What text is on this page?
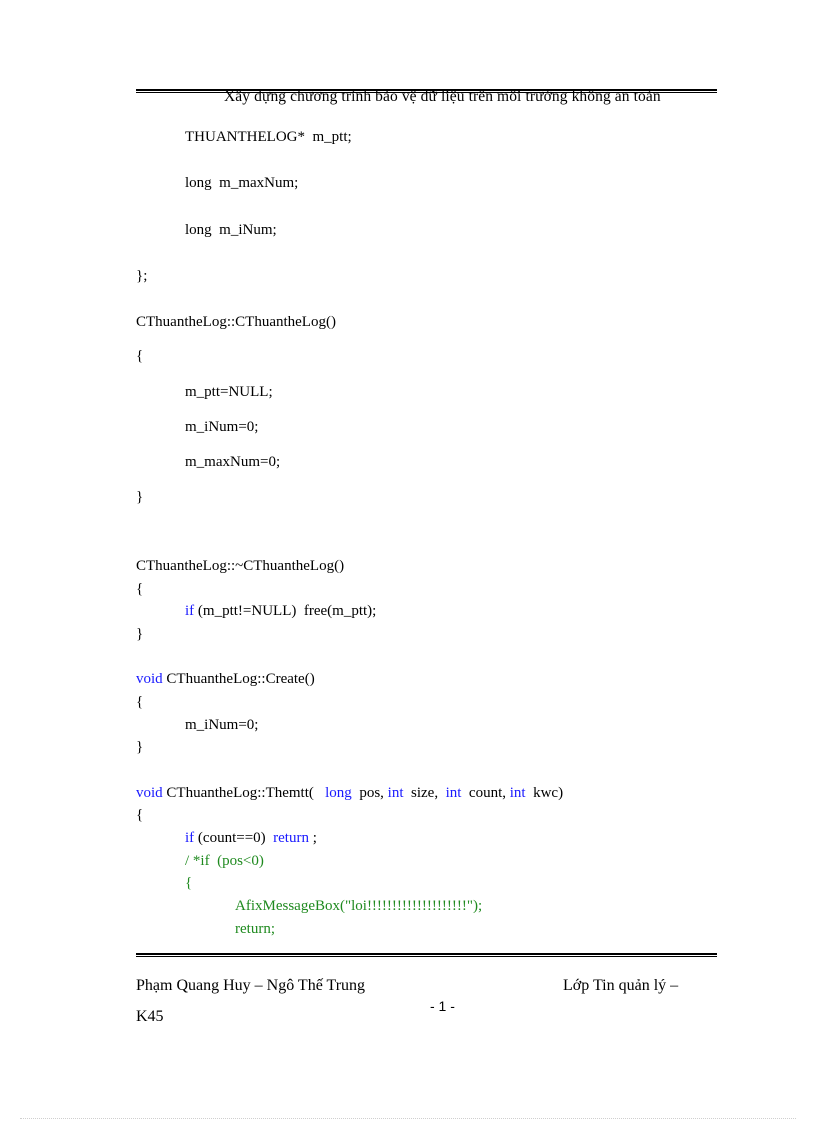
Xây dựng chương trình bảo vệ dữ liệu trên môi trường không an toàn
THUANTHELOG*  m_ptt;
long  m_maxNum;
long  m_iNum;
};
CThuantheLog::CThuantheLog()
{
m_ptt=NULL;
m_iNum=0;
m_maxNum=0;
}
CThuantheLog::~CThuantheLog()
{
if (m_ptt!=NULL)  free(m_ptt);
}
void CThuantheLog::Create()
{
m_iNum=0;
}
void CThuantheLog::Themtt(   long  pos, int  size,  int  count, int  kwc)
{
if (count==0)  return ;
/ *if  (pos<0)
{
AfixMessageBox("loi!!!!!!!!!!!!!!!!!!!!");
return;
Phạm Quang Huy – Ngô Thế Trung	Lớp Tin quản lý –
- 1 -
K45
